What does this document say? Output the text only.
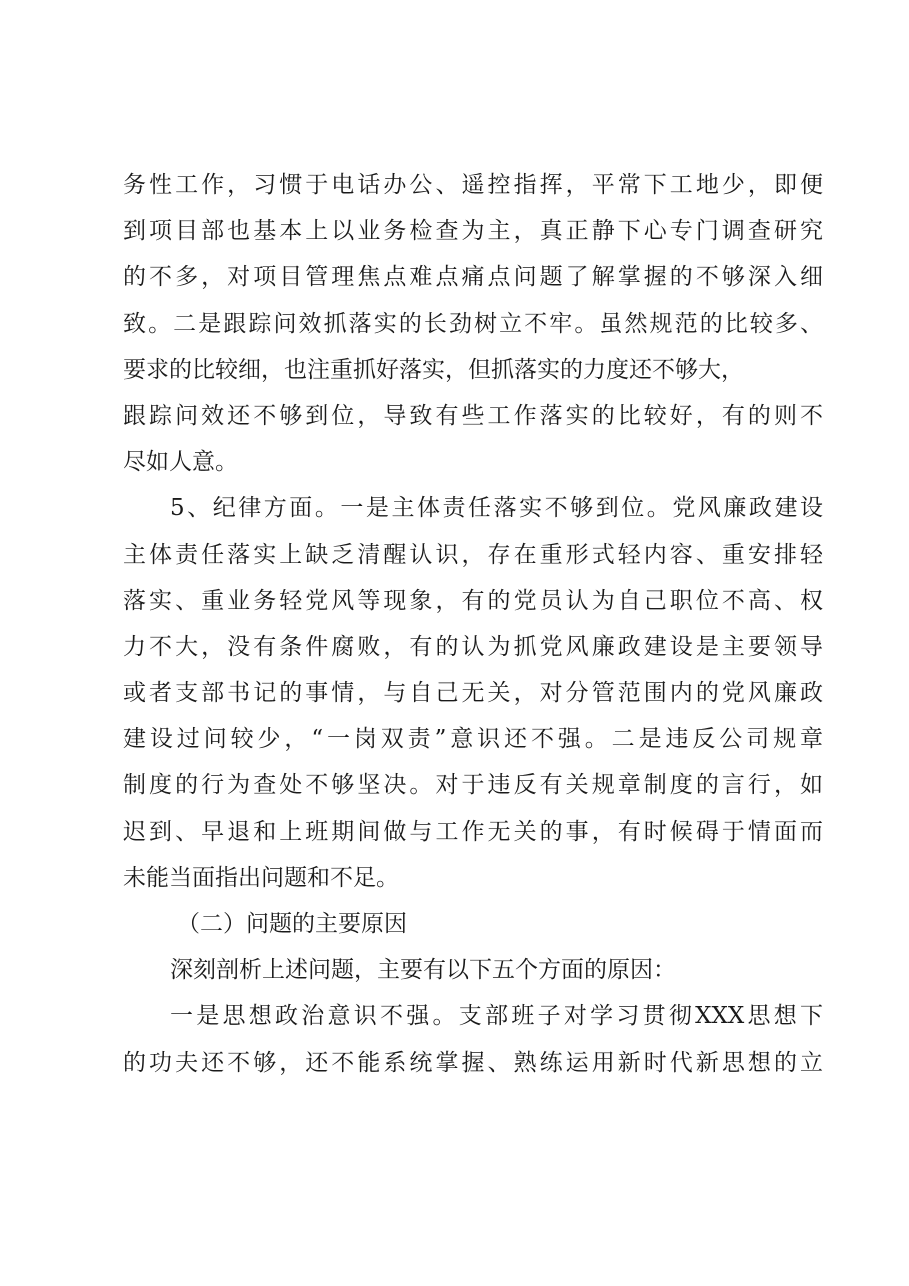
务性工作，习惯于电话办公、遥控指挥，平常下工地少，即便
到项目部也基本上以业务检查为主，真正静下心专门调查研究
的不多，对项目管理焦点难点痛点问题了解掌握的不够深入细
致。二是跟踪问效抓落实的长劲树立不牢。虽然规范的比较多、
要求的比较细，也注重抓好落实，但抓落实的力度还不够大，
跟踪问效还不够到位，导致有些工作落实的比较好，有的则不
尽如人意。
5、纪律方面。一是主体责任落实不够到位。党风廉政建设
主体责任落实上缺乏清醒认识，存在重形式轻内容、重安排轻
落实、重业务轻党风等现象，有的党员认为自己职位不高、权
力不大，没有条件腐败，有的认为抓党风廉政建设是主要领导
或者支部书记的事情，与自己无关，对分管范围内的党风廉政
建设过问较少，“一岗双责”意识还不强。二是违反公司规章
制度的行为查处不够坚决。对于违反有关规章制度的言行，如
迟到、早退和上班期间做与工作无关的事，有时候碍于情面而
未能当面指出问题和不足。
（二）问题的主要原因
深刻剖析上述问题，主要有以下五个方面的原因：
一是思想政治意识不强。支部班子对学习贯彻XXX思想下
的功夫还不够，还不能系统掌握、熟练运用新时代新思想的立
